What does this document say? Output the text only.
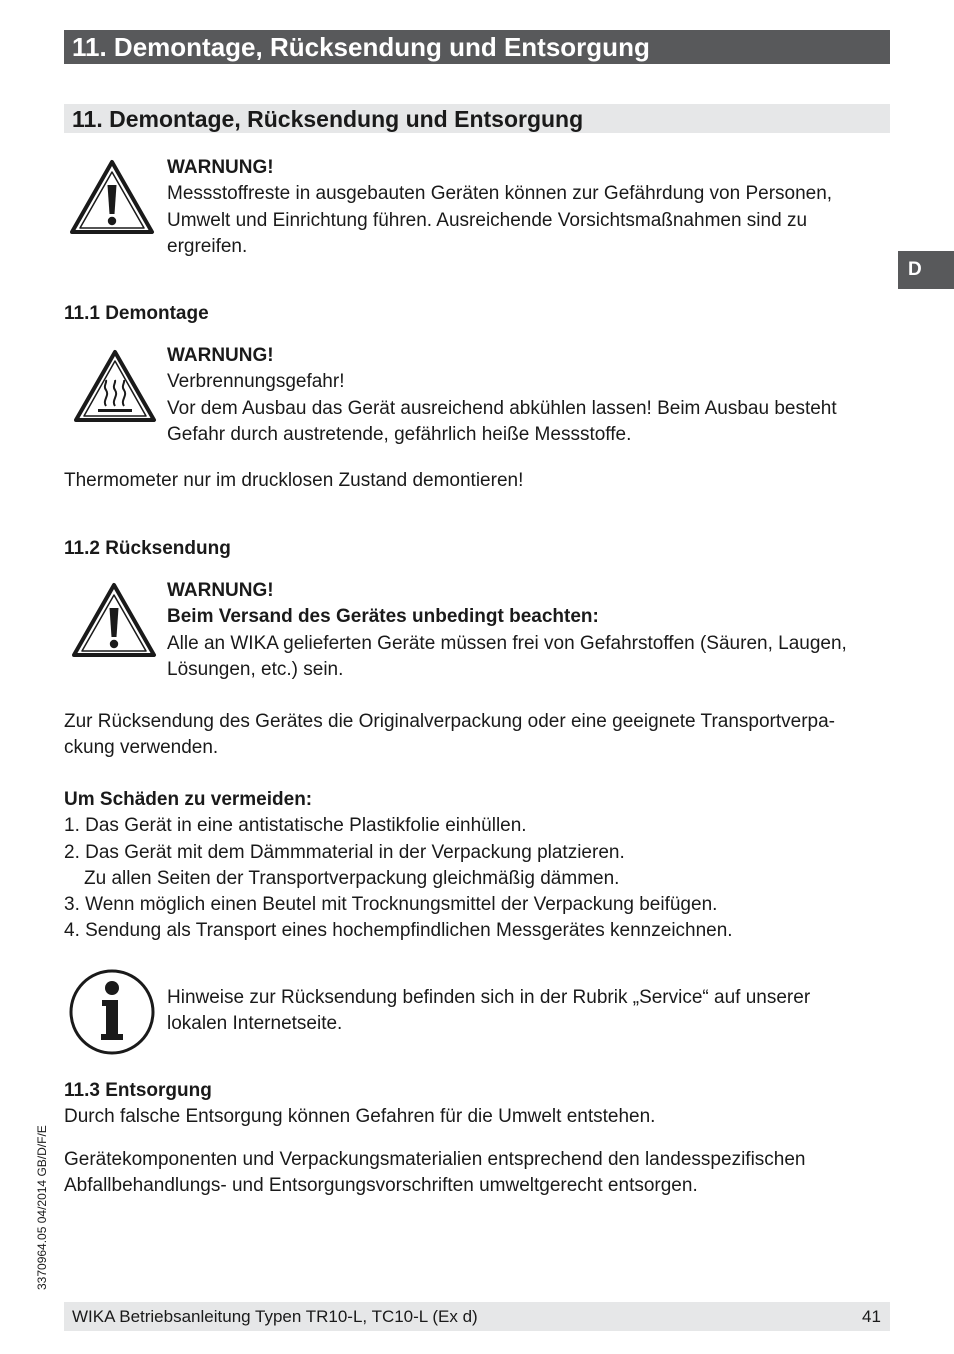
11. Demontage, Rücksendung und Entsorgung
11. Demontage, Rücksendung und Entsorgung
D
WARNUNG!
Messstoffreste in ausgebauten Geräten können zur Gefährdung von Personen,
Umwelt und Einrichtung führen. Ausreichende Vorsichtsmaßnahmen sind zu
ergreifen.
11.1 Demontage
WARNUNG!
Verbrennungsgefahr!
Vor dem Ausbau das Gerät ausreichend abkühlen lassen! Beim Ausbau besteht
Gefahr durch austretende, gefährlich heiße Messstoffe.
Thermometer nur im drucklosen Zustand demontieren!
11.2 Rücksendung
WARNUNG!
Beim Versand des Gerätes unbedingt beachten:
Alle an WIKA gelieferten Geräte müssen frei von Gefahrstoffen (Säuren, Laugen,
Lösungen, etc.) sein.
Zur Rücksendung des Gerätes die Originalverpackung oder eine geeignete Transportverpa-
ckung verwenden.
Um Schäden zu vermeiden:
1. Das Gerät in eine antistatische Plastikfolie einhüllen.
2. Das Gerät mit dem Dämmmaterial in der Verpackung platzieren.
Zu allen Seiten der Transportverpackung gleichmäßig dämmen.
3. Wenn möglich einen Beutel mit Trocknungsmittel der Verpackung beifügen.
4. Sendung als Transport eines hochempfindlichen Messgerätes kennzeichnen.
Hinweise zur Rücksendung befinden sich in der Rubrik „Service“ auf unserer
lokalen Internetseite.
11.3 Entsorgung
Durch falsche Entsorgung können Gefahren für die Umwelt entstehen.
Gerätekomponenten und Verpackungsmaterialien entsprechend den landesspezifischen
Abfallbehandlungs- und Entsorgungsvorschriften umweltgerecht entsorgen.
3370964.05 04/2014 GB/D/F/E
WIKA Betriebsanleitung Typen TR10-L, TC10-L (Ex d)	41
